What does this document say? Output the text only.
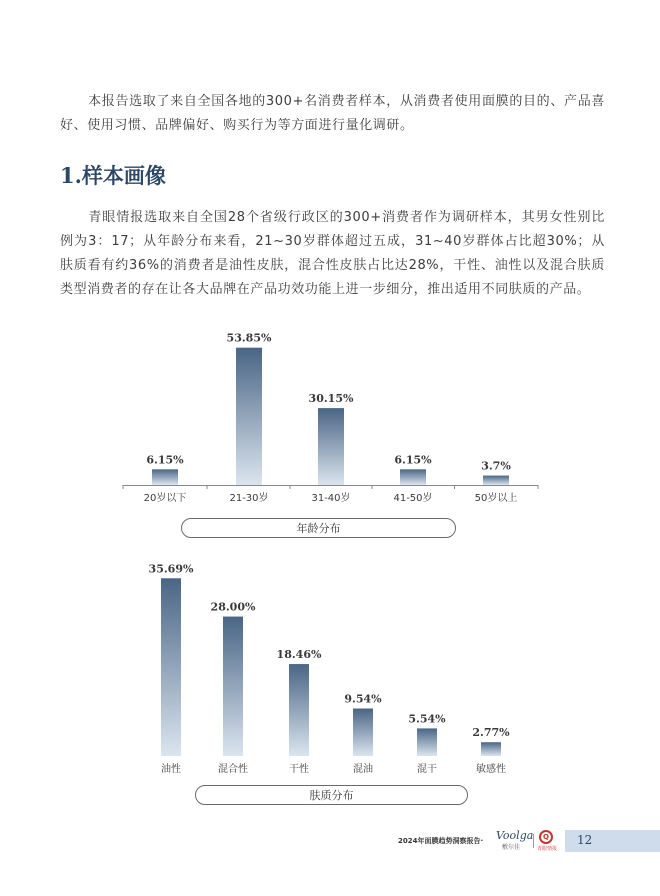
本报告选取了来自全国各地的300+名消费者样本，从消费者使用面膜的目的、产品喜好、使用习惯、品牌偏好、购买行为等方面进行量化调研。

1.样本画像

青眼情报选取来自全国28个省级行政区的300+消费者作为调研样本，其男女性别比例为3：17；从年龄分布来看，21~30岁群体超过五成，31~40岁群体占比超30%；从肤质看有约36%的消费者是油性皮肤，混合性皮肤占比达28%，干性、油性以及混合肤质类型消费者的存在让各大品牌在产品功效功能上进一步细分，推出适用不同肤质的产品。

6.15%
20岁以下
53.85%
21-30岁
30.15%
31-40岁
6.15%
41-50岁
3.7%
50岁以上
35.69%
油性
28.00%
混合性
18.46%
干性
9.54%
混油
5.54%
混干
2.77%
敏感性
年龄分布
肤质分布
2024年面膜趋势洞察报告· Voolga
敷尔佳
Q
青眼情报
12
